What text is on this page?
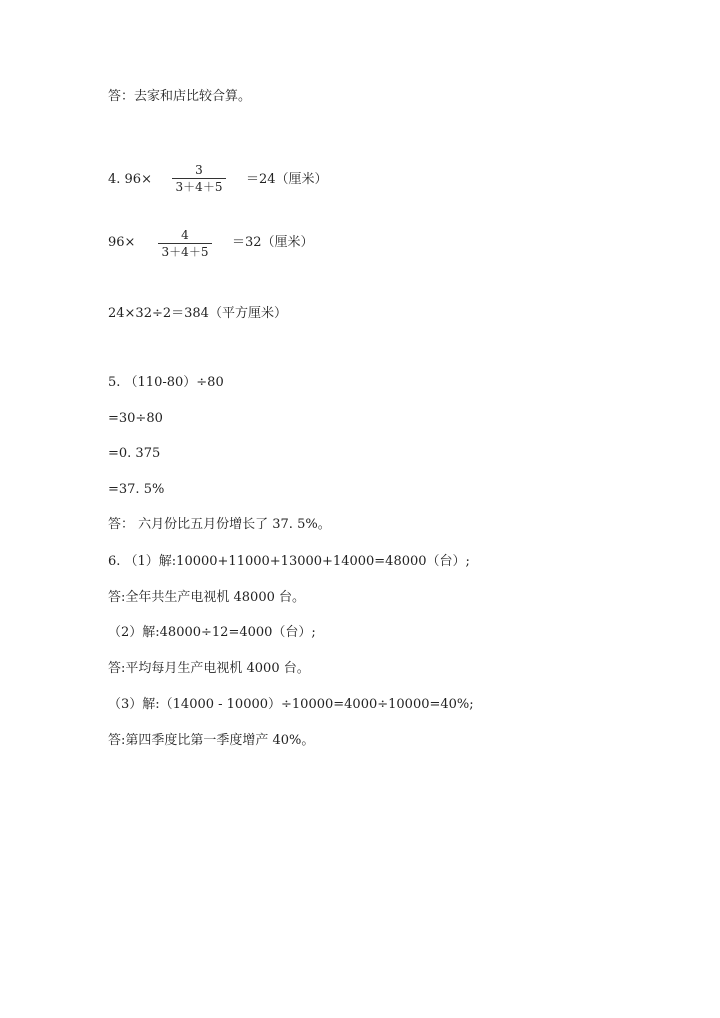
答：去家和店比较合算。
4. 96×
3
3＋4＋5 ＝24（厘米）
96×	4
3＋4＋5
＝32（厘米）
24×32÷2＝384（平方厘米）
5. （110-80）÷80
=30÷80
=0. 375
=37. 5%
答： 六月份比五月份增长了 37. 5%。
6. （1）解:10000+11000+13000+14000=48000（台）;
答:全年共生产电视机 48000 台。
（2）解:48000÷12=4000（台）;
答:平均每月生产电视机 4000 台。
（3）解:（14000 - 10000）÷10000=4000÷10000=40%;
答:第四季度比第一季度增产 40%。
